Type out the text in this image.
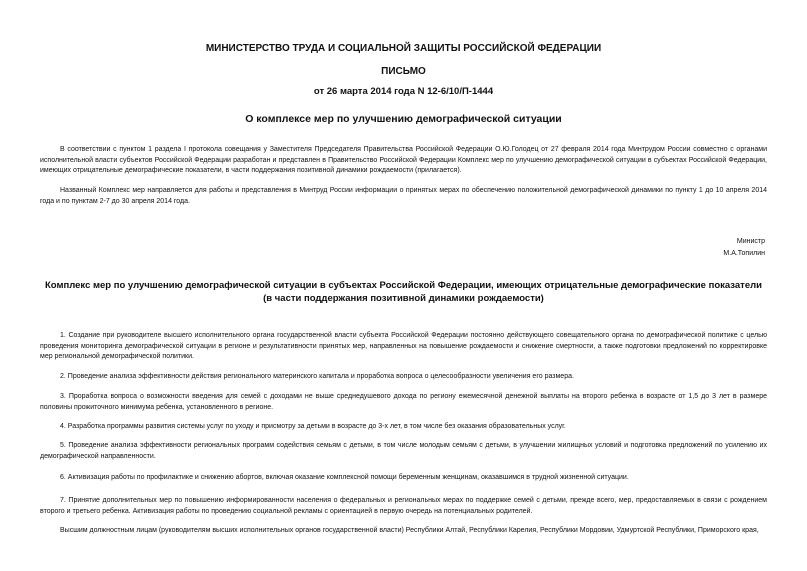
МИНИСТЕРСТВО ТРУДА И СОЦИАЛЬНОЙ ЗАЩИТЫ РОССИЙСКОЙ ФЕДЕРАЦИИ
ПИСЬМО
от 26 марта 2014 года N 12-6/10/П-1444
О комплексе мер по улучшению демографической ситуации

В соответствии с пунктом 1 раздела I протокола совещания у Заместителя Председателя Правительства Российской Федерации О.Ю.Голодец от 27 февраля 2014 года Минтрудом России совместно с органами исполнительной власти субъектов Российской Федерации разработан и представлен в Правительство Российской Федерации Комплекс мер по улучшению демографической ситуации в субъектах Российской Федерации, имеющих отрицательные демографические показатели, в части поддержания позитивной динамики рождаемости (прилагается).

Названный Комплекс мер направляется для работы и представления в Минтруд России информации о принятых мерах по обеспечению положительной демографической динамики по пункту 1 до 10 апреля 2014 года и по пунктам 2-7 до 30 апреля 2014 года.

Министр
М.А.Топилин
Комплекс мер по улучшению демографической ситуации в субъектах Российской Федерации, имеющих отрицательные демографические показатели (в части поддержания позитивной динамики рождаемости)

1. Создание при руководителе высшего исполнительного органа государственной власти субъекта Российской Федерации постоянно действующего совещательного органа по демографической политике с целью проведения мониторинга демографической ситуации в регионе и результативности принятых мер, направленных на повышение рождаемости и снижение смертности, а также подготовки предложений по корректировке мер региональной демографической политики.

2. Проведение анализа эффективности действия регионального материнского капитала и проработка вопроса о целесообразности увеличения его размера.

3. Проработка вопроса о возможности введения для семей с доходами не выше среднедушевого дохода по региону ежемесячной денежной выплаты на второго ребенка в возрасте от 1,5 до 3 лет в размере половины прожиточного минимума ребенка, установленного в регионе.

4. Разработка программы развития системы услуг по уходу и присмотру за детьми в возрасте до 3-х лет, в том числе без оказания образовательных услуг.

5. Проведение анализа эффективности региональных программ содействия семьям с детьми, в том числе молодым семьям с детьми, в улучшении жилищных условий и подготовка предложений по усилению их демографической направленности.

6. Активизация работы по профилактике и снижению абортов, включая оказание комплексной помощи беременным женщинам, оказавшимся в трудной жизненной ситуации.

7. Принятие дополнительных мер по повышению информированности населения о федеральных и региональных мерах по поддержке семей с детьми, прежде всего, мер, предоставляемых в связи с рождением второго и третьего ребенка. Активизация работы по проведению социальной рекламы с ориентацией в первую очередь на потенциальных родителей.

Высшим должностным лицам (руководителям высших исполнительных органов государственной власти) Республики Алтай, Республики Карелия, Республики Мордовии, Удмуртской Республики, Приморского края,
